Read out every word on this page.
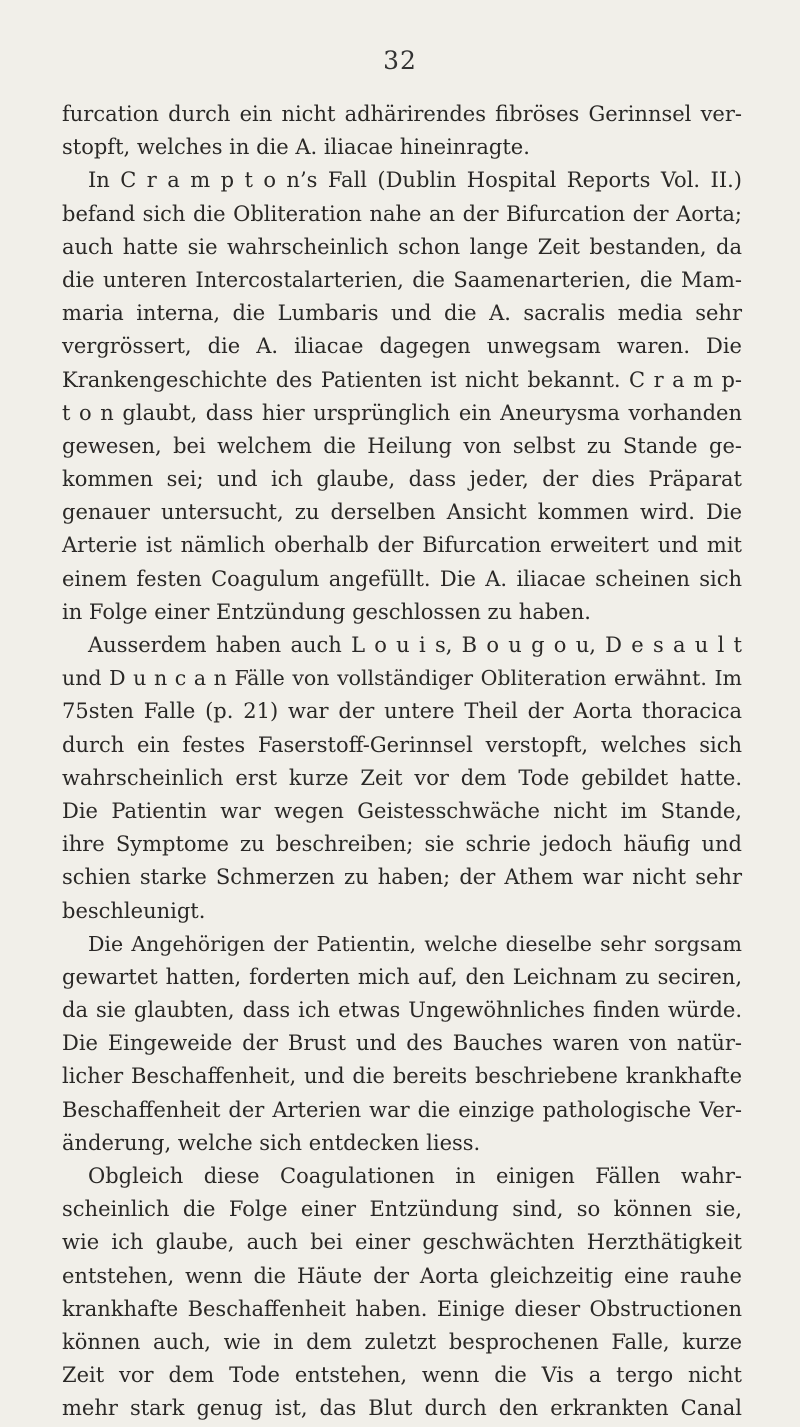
32
furcation durch ein nicht adhärirendes fibröses Gerinnsel ver-
stopft, welches in die A. iliacae hineinragte.
In C r a m p t o n’s Fall (Dublin Hospital Reports Vol. II.)
befand sich die Obliteration nahe an der Bifurcation der Aorta;
auch hatte sie wahrscheinlich schon lange Zeit bestanden, da
die unteren Intercostalarterien, die Saamenarterien, die Mam-
maria interna, die Lumbaris und die A. sacralis media sehr
vergrössert, die A. iliacae dagegen unwegsam waren. Die
Krankengeschichte des Patienten ist nicht bekannt. C r a m p-
t o n glaubt, dass hier ursprünglich ein Aneurysma vorhanden
gewesen, bei welchem die Heilung von selbst zu Stande ge-
kommen sei; und ich glaube, dass jeder, der dies Präparat
genauer untersucht, zu derselben Ansicht kommen wird. Die
Arterie ist nämlich oberhalb der Bifurcation erweitert und mit
einem festen Coagulum angefüllt. Die A. iliacae scheinen sich
in Folge einer Entzündung geschlossen zu haben.
Ausserdem haben auch L o u i s, B o u g o u, D e s a u l t
und D u n c a n Fälle von vollständiger Obliteration erwähnt. Im
75sten Falle (p. 21) war der untere Theil der Aorta thoracica
durch ein festes Faserstoff-Gerinnsel verstopft, welches sich
wahrscheinlich erst kurze Zeit vor dem Tode gebildet hatte.
Die Patientin war wegen Geistesschwäche nicht im Stande,
ihre Symptome zu beschreiben; sie schrie jedoch häufig und
schien starke Schmerzen zu haben; der Athem war nicht sehr
beschleunigt.
Die Angehörigen der Patientin, welche dieselbe sehr sorgsam
gewartet hatten, forderten mich auf, den Leichnam zu seciren,
da sie glaubten, dass ich etwas Ungewöhnliches finden würde.
Die Eingeweide der Brust und des Bauches waren von natür-
licher Beschaffenheit, und die bereits beschriebene krankhafte
Beschaffenheit der Arterien war die einzige pathologische Ver-
änderung, welche sich entdecken liess.
Obgleich diese Coagulationen in einigen Fällen wahr-
scheinlich die Folge einer Entzündung sind, so können sie,
wie ich glaube, auch bei einer geschwächten Herzthätigkeit
entstehen, wenn die Häute der Aorta gleichzeitig eine rauhe
krankhafte Beschaffenheit haben. Einige dieser Obstructionen
können auch, wie in dem zuletzt besprochenen Falle, kurze
Zeit vor dem Tode entstehen, wenn die Vis a tergo nicht
mehr stark genug ist, das Blut durch den erkrankten Canal
